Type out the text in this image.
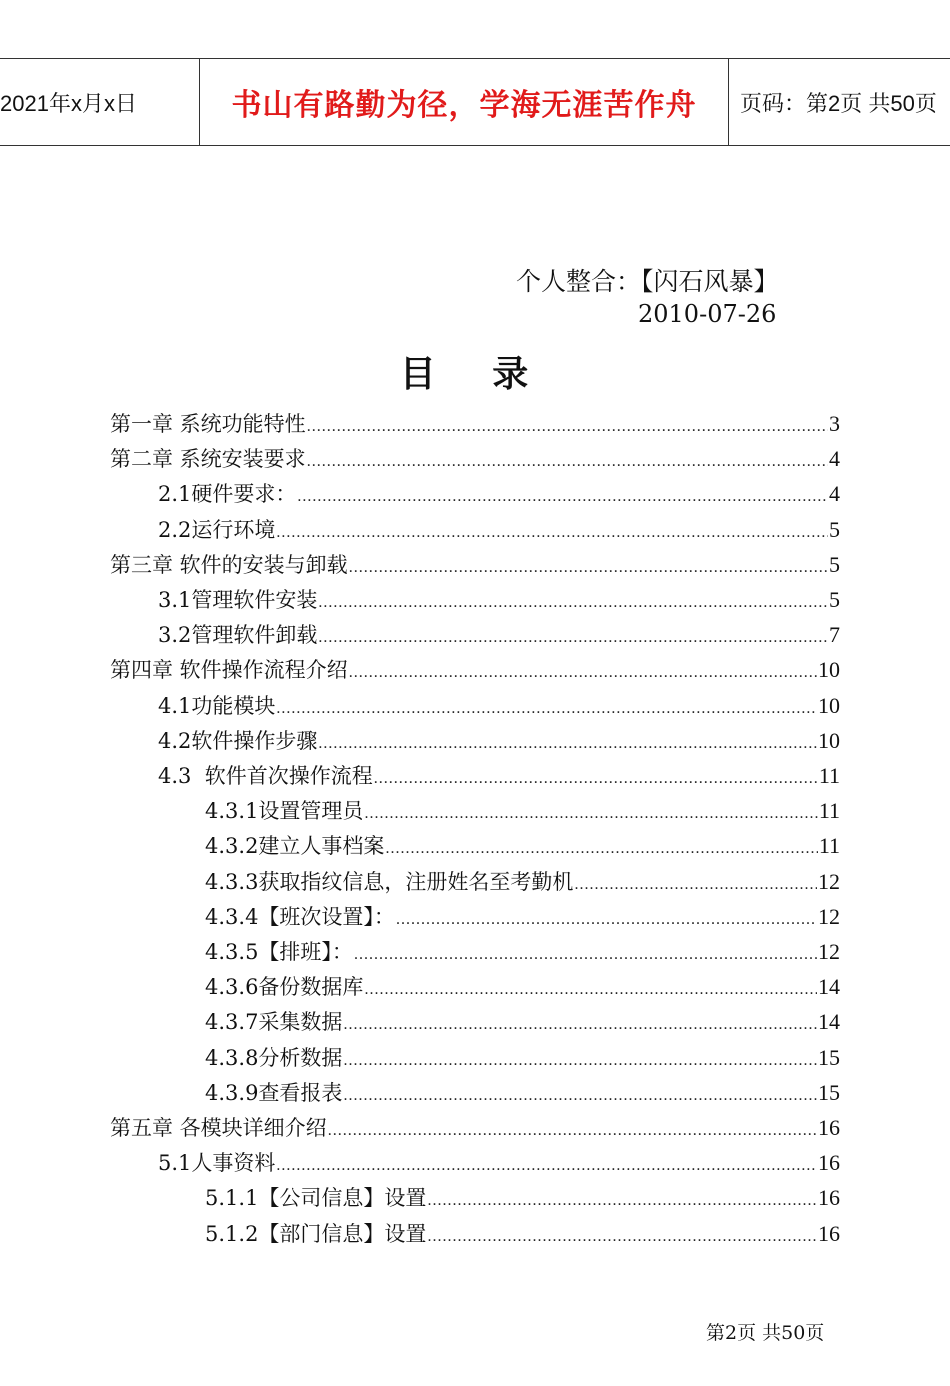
2021年x月x日	书山有路勤为径，学海无涯苦作舟	页码：第2页 共50页
个人整合：【闪石风暴】
2010-07-26
目 录
第一章 系统功能特性 .....	3
第二章 系统安装要求 .....	4
2.1硬件要求： .....	4
2.2运行环境 .....	5
第三章 软件的安装与卸载 .....	5
3.1管理软件安装 .....	5
3.2管理软件卸载 .....	7
第四章 软件操作流程介绍 .....	10
4.1功能模块 .....	10
4.2软件操作步骤 .....	10
4.3  软件首次操作流程 .....	11
4.3.1设置管理员 .....	11
4.3.2建立人事档案 .....	11
4.3.3获取指纹信息，注册姓名至考勤机 .....	12
4.3.4【班次设置】： .....	12
4.3.5【排班】： .....	12
4.3.6备份数据库 .....	14
4.3.7采集数据 .....	14
4.3.8分析数据 .....	15
4.3.9查看报表 .....	15
第五章 各模块详细介绍 .....	16
5.1人事资料 .....	16
5.1.1【公司信息】设置 .....	16
5.1.2【部门信息】设置 .....	16
第2页 共50页
